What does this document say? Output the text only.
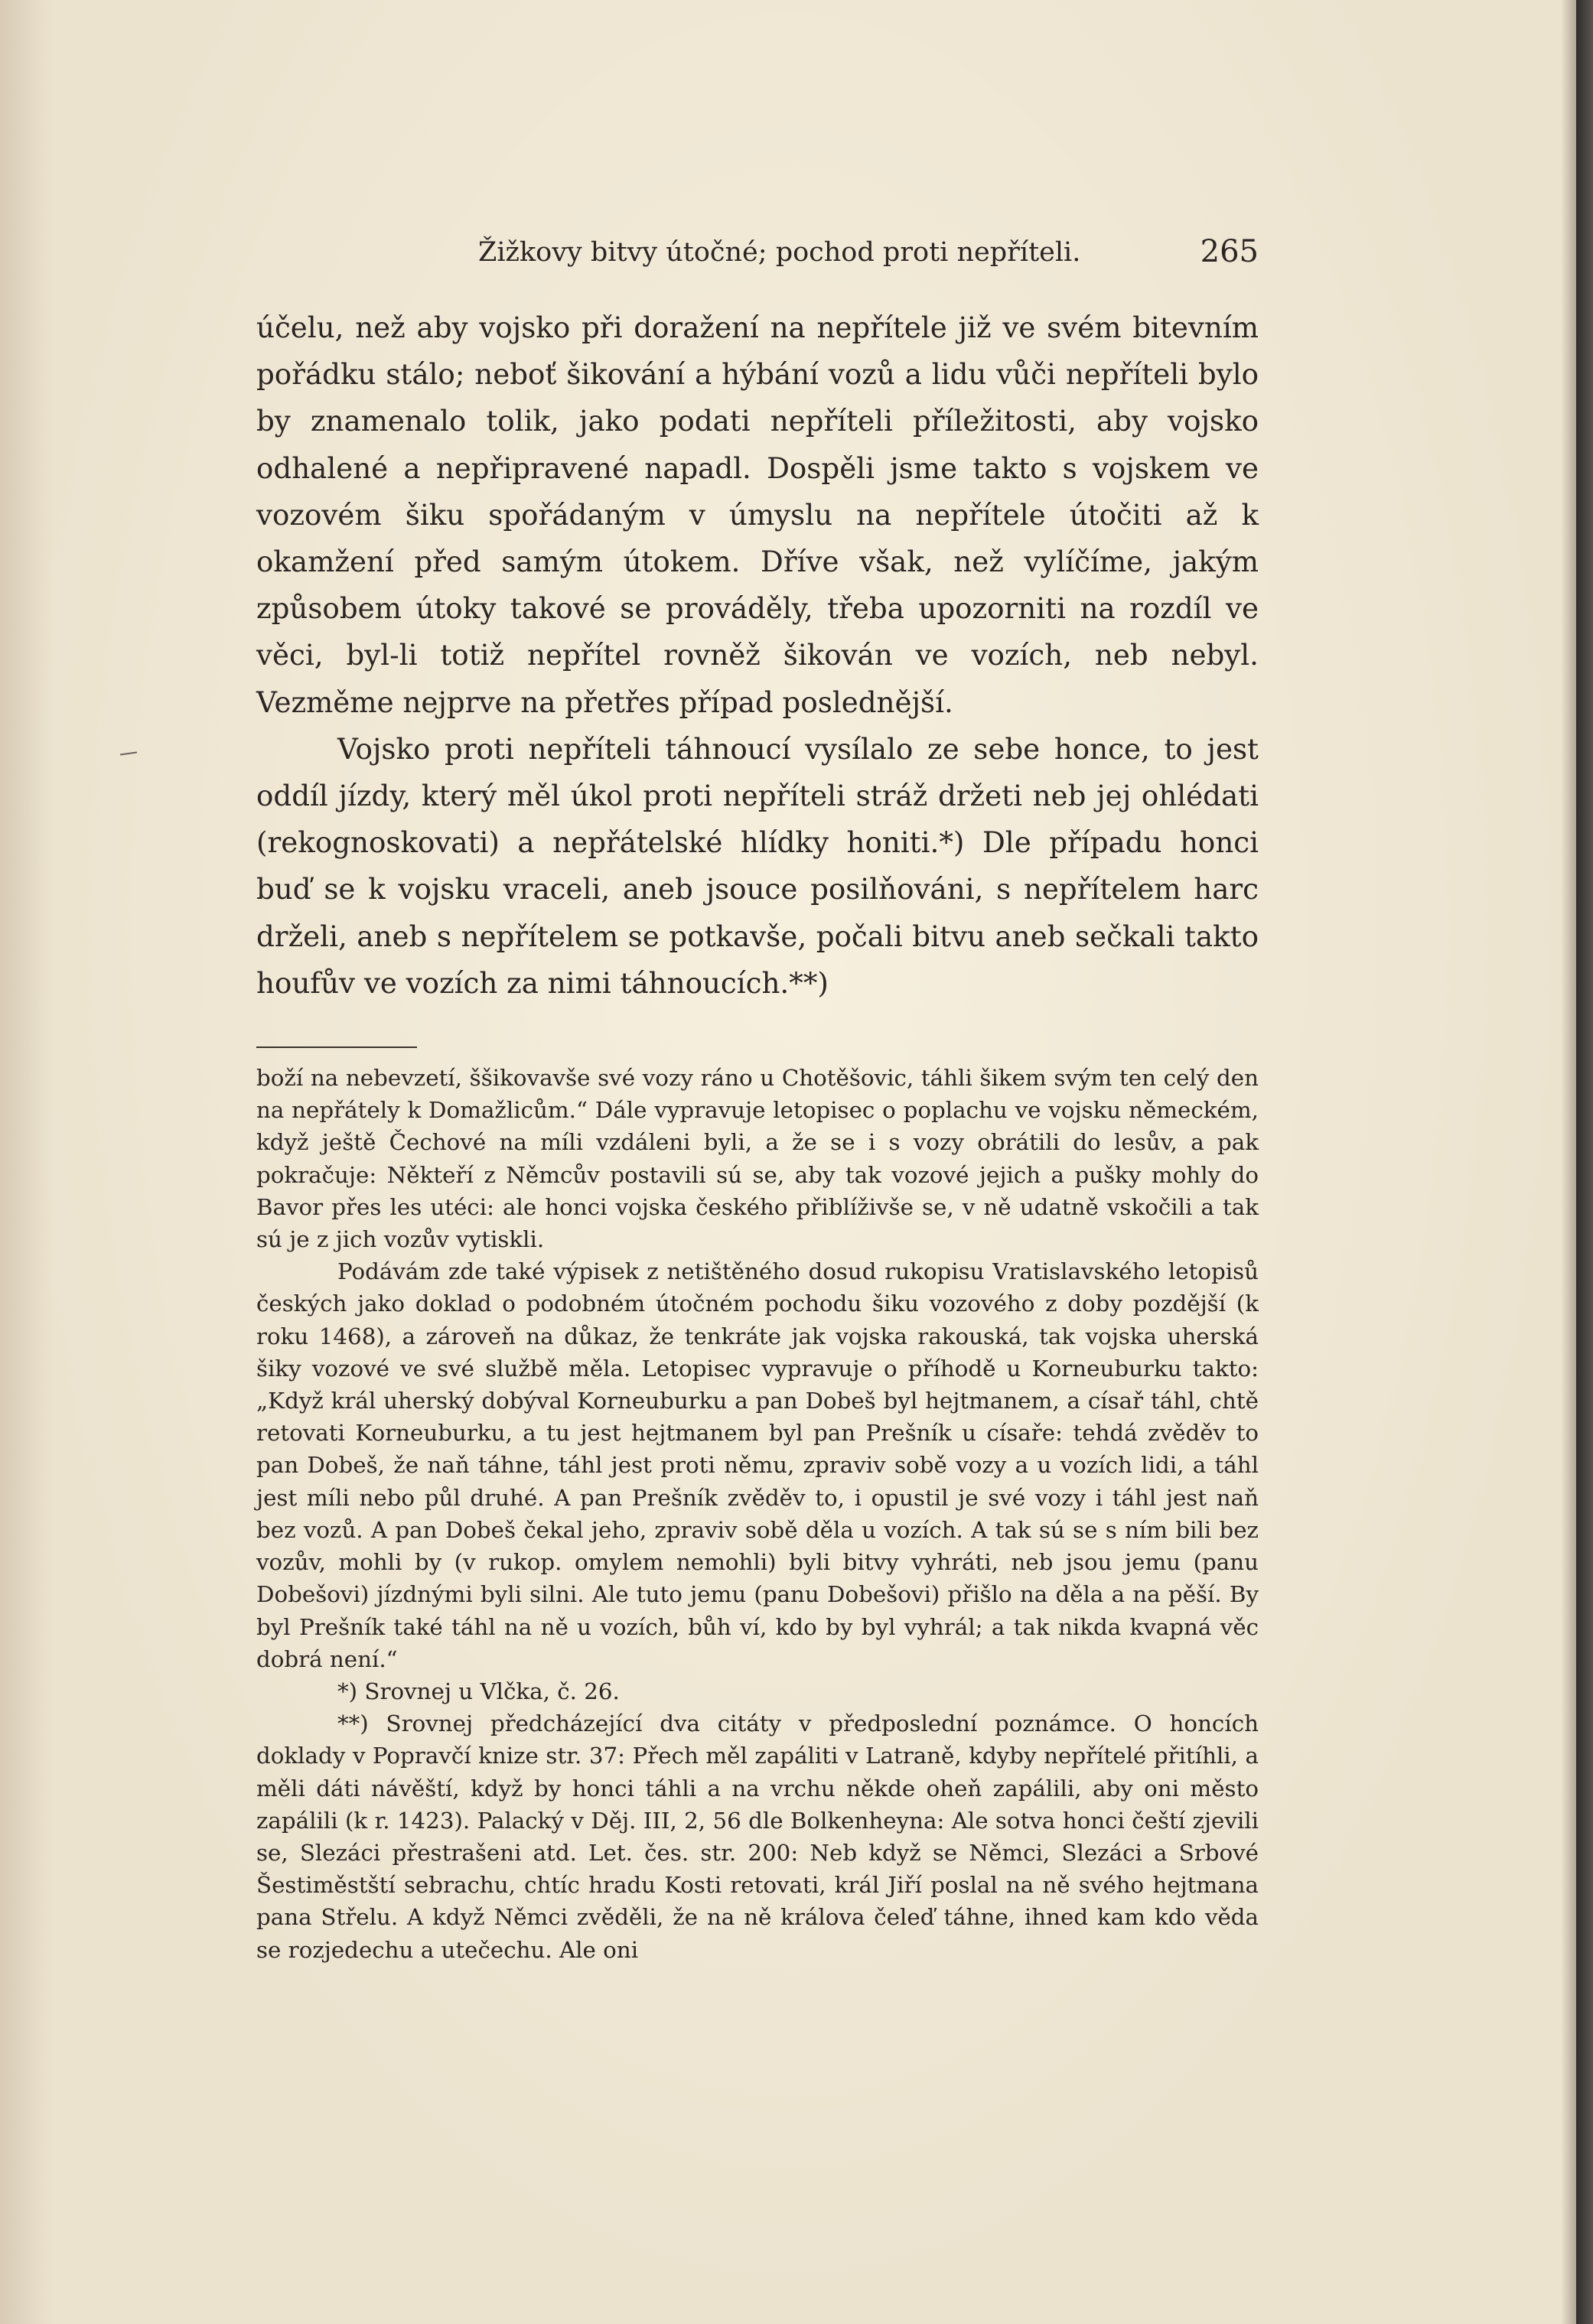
Žižkovy bitvy útočné; pochod proti nepříteli.	265

účelu, než aby vojsko při doražení na nepřítele již ve svém bitevním pořádku stálo; neboť šikování a hýbání vozů a lidu vůči nepříteli bylo by znamenalo tolik, jako podati nepříteli příležitosti, aby vojsko odhalené a nepřipravené napadl. Dospěli jsme takto s vojskem ve vozovém šiku spořádaným v úmyslu na nepřítele útočiti až k okamžení před samým útokem. Dříve však, než vylíčíme, jakým způsobem útoky takové se prováděly, třeba upozorniti na rozdíl ve věci, byl-li totiž nepřítel rovněž šikován ve vozích, neb nebyl. Vezměme nejprve na přetřes případ poslednější.

Vojsko proti nepříteli táhnoucí vysílalo ze sebe honce, to jest oddíl jízdy, který měl úkol proti nepříteli stráž držeti neb jej ohlédati (rekognoskovati) a nepřátelské hlídky honiti.*) Dle případu honci buď se k vojsku vraceli, aneb jsouce posilňováni, s nepřítelem harc drželi, aneb s nepřítelem se potkavše, počali bitvu aneb sečkali takto houfův ve vozích za nimi táhnoucích.**)

boží na nebevzetí, ššikovavše své vozy ráno u Chotěšovic, táhli šikem svým ten celý den na nepřátely k Domažlicům.“ Dále vypravuje letopisec o poplachu ve vojsku německém, když ještě Čechové na míli vzdáleni byli, a že se i s vozy obrátili do lesův, a pak pokračuje: Někteří z Němcův postavili sú se, aby tak vozové jejich a pušky mohly do Bavor přes les utéci: ale honci vojska českého přiblíživše se, v ně udatně vskočili a tak sú je z jich vozův vytiskli.

Podávám zde také výpisek z netištěného dosud rukopisu Vratislavského letopisů českých jako doklad o podobném útočném pochodu šiku vozového z doby pozdější (k roku 1468), a zároveň na důkaz, že tenkráte jak vojska rakouská, tak vojska uherská šiky vozové ve své službě měla. Letopisec vypravuje o příhodě u Korneuburku takto: „Když král uherský dobýval Korneuburku a pan Dobeš byl hejtmanem, a císař táhl, chtě retovati Korneuburku, a tu jest hejtmanem byl pan Prešník u císaře: tehdá zvěděv to pan Dobeš, že naň táhne, táhl jest proti němu, zpraviv sobě vozy a u vozích lidi, a táhl jest míli nebo půl druhé. A pan Prešník zvěděv to, i opustil je své vozy i táhl jest naň bez vozů. A pan Dobeš čekal jeho, zpraviv sobě děla u vozích. A tak sú se s ním bili bez vozův, mohli by (v rukop. omylem nemohli) byli bitvy vyhráti, neb jsou jemu (panu Dobešovi) jízdnými byli silni. Ale tuto jemu (panu Dobešovi) přišlo na děla a na pěší. By byl Prešník také táhl na ně u vozích, bůh ví, kdo by byl vyhrál; a tak nikda kvapná věc dobrá není.“

*) Srovnej u Vlčka, č. 26.

**) Srovnej předcházející dva citáty v předposlední poznámce. O honcích doklady v Popravčí knize str. 37: Přech měl zapáliti v Latraně, kdyby nepřítelé přitíhli, a měli dáti návěští, když by honci táhli a na vrchu někde oheň zapálili, aby oni město zapálili (k r. 1423). Palacký v Děj. III, 2, 56 dle Bolkenheyna: Ale sotva honci čeští zjevili se, Slezáci přestrašeni atd. Let. čes. str. 200: Neb když se Němci, Slezáci a Srbové Šestiměstští sebrachu, chtíc hradu Kosti retovati, král Jiří poslal na ně svého hejtmana pana Střelu. A když Němci zvěděli, že na ně králova čeleď táhne, ihned kam kdo věda se rozjedechu a utečechu. Ale oni
